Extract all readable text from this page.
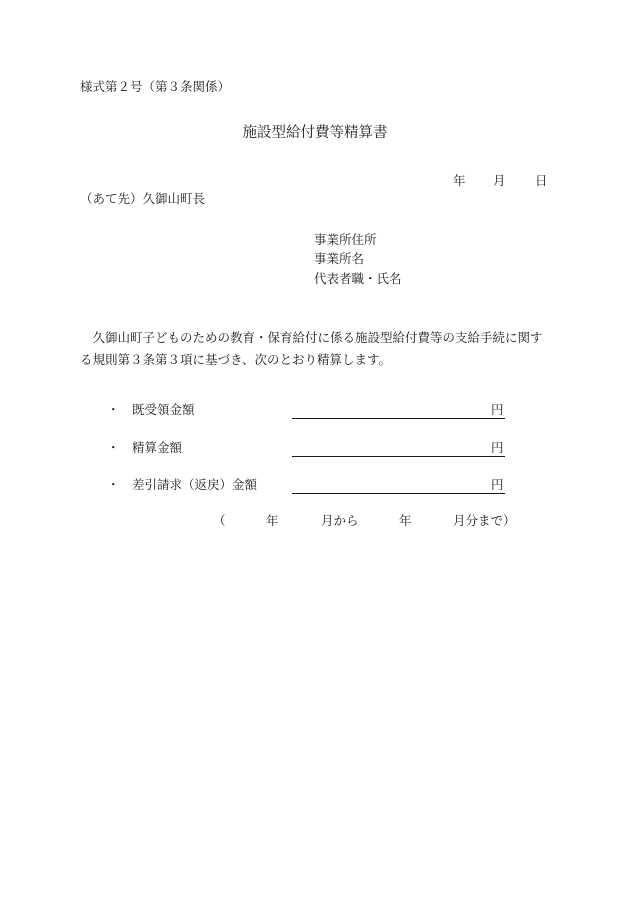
様式第２号（第３条関係）
施設型給付費等精算書
年 月 日
（あて先）久御山町長
事業所住所
事業所名
代表者職・氏名
久御山町子どものための教育・保育給付に係る施設型給付費等の支給手続に関する規則第３条第３項に基づき、次のとおり精算します。
・ 既受領金額	円
・ 精算金額	円
・ 差引請求（返戻）金額	円
（	年	月から	年	月分まで）
